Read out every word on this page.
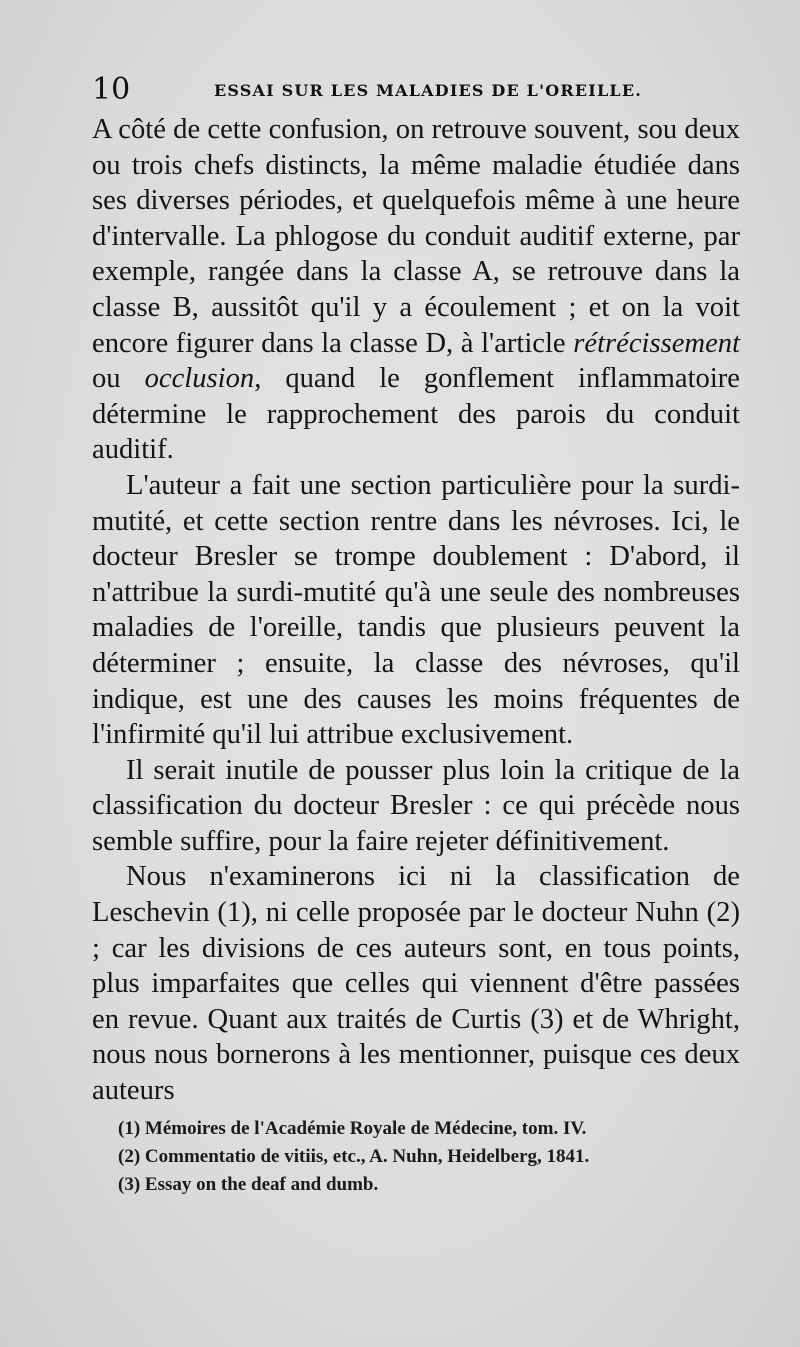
10	ESSAI SUR LES MALADIES DE L'OREILLE.

A côté de cette confusion, on retrouve souvent, sou deux ou trois chefs distincts, la même maladie étudiée dans ses diverses périodes, et quelquefois même à une heure d'intervalle. La phlogose du conduit auditif externe, par exemple, rangée dans la classe A, se retrouve dans la classe B, aussitôt qu'il y a écoulement ; et on la voit encore figurer dans la classe D, à l'article rétrécissement ou occlusion, quand le gonflement inflammatoire détermine le rapprochement des parois du conduit auditif.

L'auteur a fait une section particulière pour la surdi-mutité, et cette section rentre dans les névroses. Ici, le docteur Bresler se trompe doublement : D'abord, il n'attribue la surdi-mutité qu'à une seule des nombreuses maladies de l'oreille, tandis que plusieurs peuvent la déterminer ; ensuite, la classe des névroses, qu'il indique, est une des causes les moins fréquentes de l'infirmité qu'il lui attribue exclusivement.

Il serait inutile de pousser plus loin la critique de la classification du docteur Bresler : ce qui précède nous semble suffire, pour la faire rejeter définitivement.

Nous n'examinerons ici ni la classification de Leschevin (1), ni celle proposée par le docteur Nuhn (2) ; car les divisions de ces auteurs sont, en tous points, plus imparfaites que celles qui viennent d'être passées en revue. Quant aux traités de Curtis (3) et de Whright, nous nous bornerons à les mentionner, puisque ces deux auteurs

(1) Mémoires de l'Académie Royale de Médecine, tom. IV.
(2) Commentatio de vitiis, etc., A. Nuhn, Heidelberg, 1841.
(3) Essay on the deaf and dumb.
